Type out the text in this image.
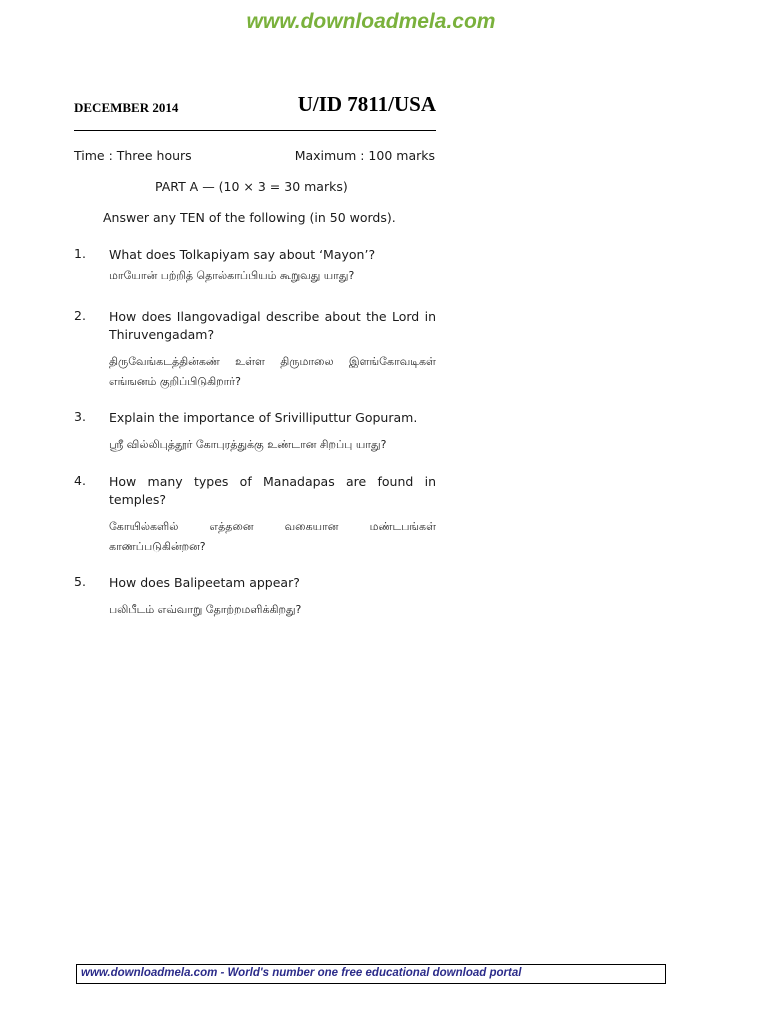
www.downloadmela.com
DECEMBER 2014	U/ID 7811/USA
Time : Three hours	Maximum : 100 marks
PART A — (10 × 3 = 30 marks)
Answer any TEN of the following (in 50 words).
1. What does Tolkapiyam say about ‘Mayon’?
மாயோன் பற்றித் தொல்காப்பியம் கூறுவது யாது?
2. How does Ilangovadigal describe about the Lord in Thiruvengadam?
திருவேங்கடத்தின்கண் உள்ள திருமாலை இளங்கோவடிகள் எங்ஙனம் குறிப்பிடுகிறார்?
3. Explain the importance of Srivilliputtur Gopuram.
ஸ்ரீ வில்லிபுத்தூர் கோபுரத்துக்கு உண்டான சிறப்பு யாது?
4. How many types of Manadapas are found in temples?
கோயில்களில் எத்தனை வகையான மண்டபங்கள் காணப்படுகின்றன?
5. How does Balipeetam appear?
பலிபீடம் எவ்வாறு தோற்றமளிக்கிறது?
www.downloadmela.com - World's number one free educational download portal
